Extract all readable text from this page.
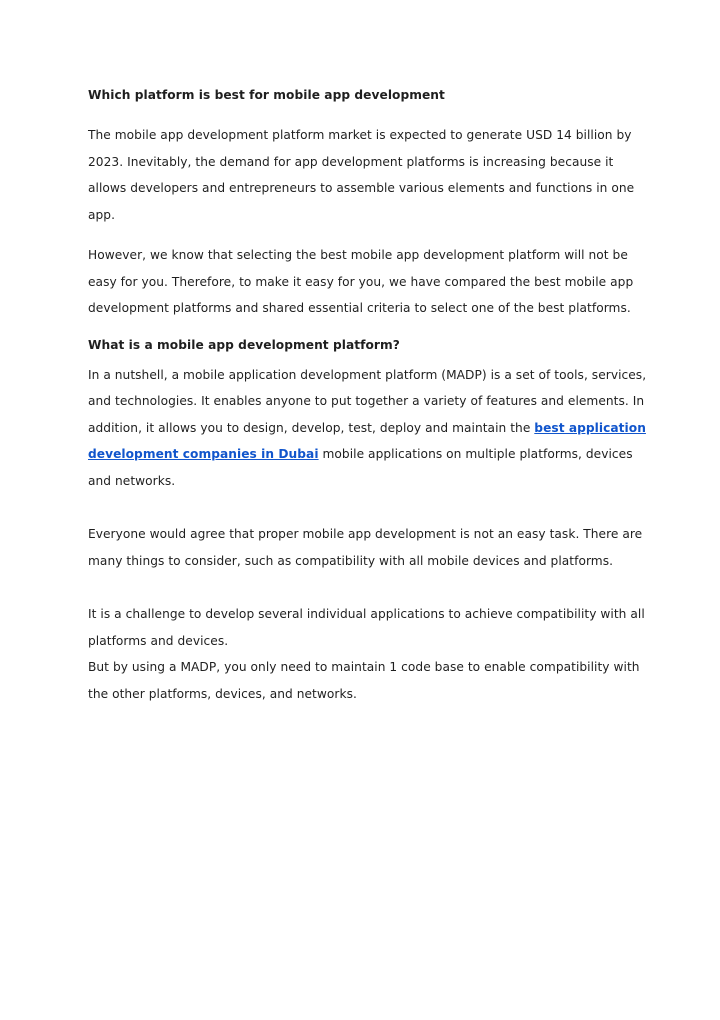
Which platform is best for mobile app development

The mobile app development platform market is expected to generate USD 14 billion by 2023. Inevitably, the demand for app development platforms is increasing because it allows developers and entrepreneurs to assemble various elements and functions in one app.

However, we know that selecting the best mobile app development platform will not be easy for you. Therefore, to make it easy for you, we have compared the best mobile app development platforms and shared essential criteria to select one of the best platforms.

What is a mobile app development platform?

In a nutshell, a mobile application development platform (MADP) is a set of tools, services, and technologies. It enables anyone to put together a variety of features and elements. In addition, it allows you to design, develop, test, deploy and maintain the best application development companies in Dubai mobile applications on multiple platforms, devices and networks.

Everyone would agree that proper mobile app development is not an easy task. There are many things to consider, such as compatibility with all mobile devices and platforms.

It is a challenge to develop several individual applications to achieve compatibility with all platforms and devices.

But by using a MADP, you only need to maintain 1 code base to enable compatibility with the other platforms, devices, and networks.
